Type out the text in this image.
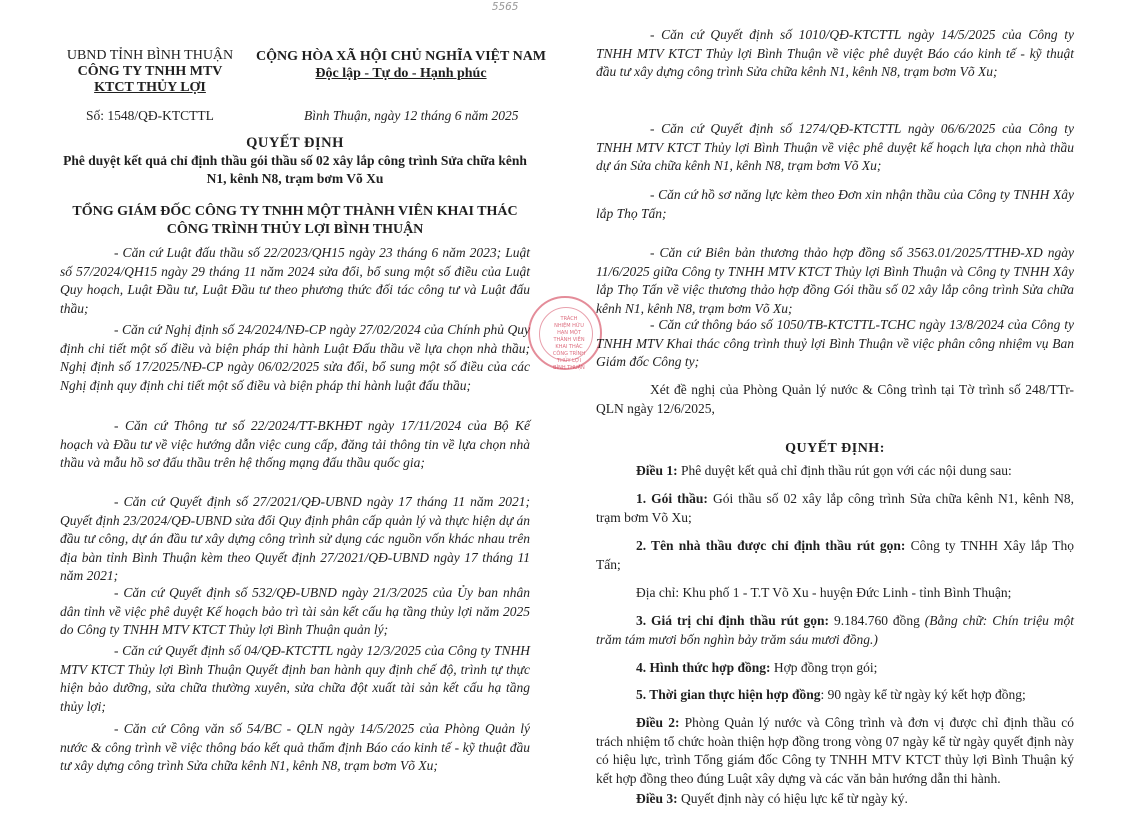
5565
UBND TỈNH BÌNH THUẬN
CÔNG TY TNHH MTV
KTCT THỦY LỢI
CỘNG HÒA XÃ HỘI CHỦ NGHĨA VIỆT NAM
Độc lập - Tự do - Hạnh phúc
Số: 1548/QĐ-KTCTTL	Bình Thuận, ngày 12 tháng 6 năm 2025
QUYẾT ĐỊNH
Phê duyệt kết quả chỉ định thầu gói thầu số 02 xây lắp công trình Sửa chữa kênh
N1, kênh N8, trạm bơm Võ Xu
TỔNG GIÁM ĐỐC CÔNG TY TNHH MỘT THÀNH VIÊN KHAI THÁC
CÔNG TRÌNH THỦY LỢI BÌNH THUẬN
- Căn cứ Luật đấu thầu số 22/2023/QH15 ngày 23 tháng 6 năm 2023; Luật số 57/2024/QH15 ngày 29 tháng 11 năm 2024 sửa đổi, bổ sung một số điều của Luật Quy hoạch, Luật Đầu tư, Luật Đầu tư theo phương thức đối tác công tư và Luật đấu thầu;
- Căn cứ Nghị định số 24/2024/NĐ-CP ngày 27/02/2024 của Chính phủ Quy định chi tiết một số điều và biện pháp thi hành Luật Đấu thầu về lựa chọn nhà thầu; Nghị định số 17/2025/NĐ-CP ngày 06/02/2025 sửa đổi, bổ sung một số điều của các Nghị định quy định chi tiết một số điều và biện pháp thi hành luật đấu thầu;
- Căn cứ Thông tư số 22/2024/TT-BKHĐT ngày 17/11/2024 của Bộ Kế hoạch và Đầu tư về việc hướng dẫn việc cung cấp, đăng tải thông tin về lựa chọn nhà thầu và mẫu hồ sơ đấu thầu trên hệ thống mạng đấu thầu quốc gia;
- Căn cứ Quyết định số 27/2021/QĐ-UBND ngày 17 tháng 11 năm 2021; Quyết định 23/2024/QĐ-UBND sửa đổi Quy định phân cấp quản lý và thực hiện dự án đầu tư công, dự án đầu tư xây dựng công trình sử dụng các nguồn vốn khác nhau trên địa bàn tỉnh Bình Thuận kèm theo Quyết định 27/2021/QĐ-UBND ngày 17 tháng 11 năm 2021;
- Căn cứ Quyết định số 532/QĐ-UBND ngày 21/3/2025 của Ủy ban nhân dân tỉnh về việc phê duyệt Kế hoạch bảo trì tài sản kết cấu hạ tầng thủy lợi năm 2025 do Công ty TNHH MTV KTCT Thủy lợi Bình Thuận quản lý;
- Căn cứ Quyết định số 04/QĐ-KTCTTL ngày 12/3/2025 của Công ty TNHH MTV KTCT Thủy lợi Bình Thuận Quyết định ban hành quy định chế độ, trình tự thực hiện bảo dưỡng, sửa chữa thường xuyên, sửa chữa đột xuất tài sản kết cấu hạ tầng thủy lợi;
- Căn cứ Công văn số 54/BC - QLN ngày 14/5/2025 của Phòng Quản lý nước & công trình về việc thông báo kết quả thẩm định Báo cáo kinh tế - kỹ thuật đầu tư xây dựng công trình Sửa chữa kênh N1, kênh N8, trạm bơm Võ Xu;
TRÁCH NHIỆM HỮU HẠN MỘT THÀNH VIÊN KHAI THÁC CÔNG TRÌNH THỦY LỢI BÌNH THUẬN
- Căn cứ Quyết định số 1010/QĐ-KTCTTL ngày 14/5/2025 của Công ty TNHH MTV KTCT Thủy lợi Bình Thuận về việc phê duyệt Báo cáo kinh tế - kỹ thuật đầu tư xây dựng công trình Sửa chữa kênh N1, kênh N8, trạm bơm Võ Xu;
- Căn cứ Quyết định số 1274/QĐ-KTCTTL ngày 06/6/2025 của Công ty TNHH MTV KTCT Thủy lợi Bình Thuận về việc phê duyệt kế hoạch lựa chọn nhà thầu dự án Sửa chữa kênh N1, kênh N8, trạm bơm Võ Xu;
- Căn cứ hồ sơ năng lực kèm theo Đơn xin nhận thầu của Công ty TNHH Xây lắp Thọ Tấn;
- Căn cứ Biên bản thương thảo hợp đồng số 3563.01/2025/TTHĐ-XD ngày 11/6/2025 giữa Công ty TNHH MTV KTCT Thủy lợi Bình Thuận và Công ty TNHH Xây lắp Thọ Tấn về việc thương thảo hợp đồng Gói thầu số 02 xây lắp công trình Sửa chữa kênh N1, kênh N8, trạm bơm Võ Xu;
- Căn cứ thông báo số 1050/TB-KTCTTL-TCHC ngày 13/8/2024 của Công ty TNHH MTV Khai thác công trình thuỷ lợi Bình Thuận về việc phân công nhiệm vụ Ban Giám đốc Công ty;
Xét đề nghị của Phòng Quản lý nước & Công trình tại Tờ trình số 248/TTr-QLN ngày 12/6/2025,
QUYẾT ĐỊNH:
Điều 1: Phê duyệt kết quả chỉ định thầu rút gọn với các nội dung sau:
1. Gói thầu: Gói thầu số 02 xây lắp công trình Sửa chữa kênh N1, kênh N8, trạm bơm Võ Xu;
2. Tên nhà thầu được chỉ định thầu rút gọn: Công ty TNHH Xây lắp Thọ Tấn;
Địa chỉ: Khu phố 1 - T.T Võ Xu - huyện Đức Linh - tỉnh Bình Thuận;
3. Giá trị chỉ định thầu rút gọn: 9.184.760 đồng (Bằng chữ: Chín triệu một trăm tám mươi bốn nghìn bảy trăm sáu mươi đồng.)
4. Hình thức hợp đồng: Hợp đồng trọn gói;
5. Thời gian thực hiện hợp đồng: 90 ngày kể từ ngày ký kết hợp đồng;
Điều 2: Phòng Quản lý nước và Công trình và đơn vị được chỉ định thầu có trách nhiệm tổ chức hoàn thiện hợp đồng trong vòng 07 ngày kể từ ngày quyết định này có hiệu lực, trình Tổng giám đốc Công ty TNHH MTV KTCT thủy lợi Bình Thuận ký kết hợp đồng theo đúng Luật xây dựng và các văn bản hướng dẫn thi hành.
Điều 3: Quyết định này có hiệu lực kể từ ngày ký.
